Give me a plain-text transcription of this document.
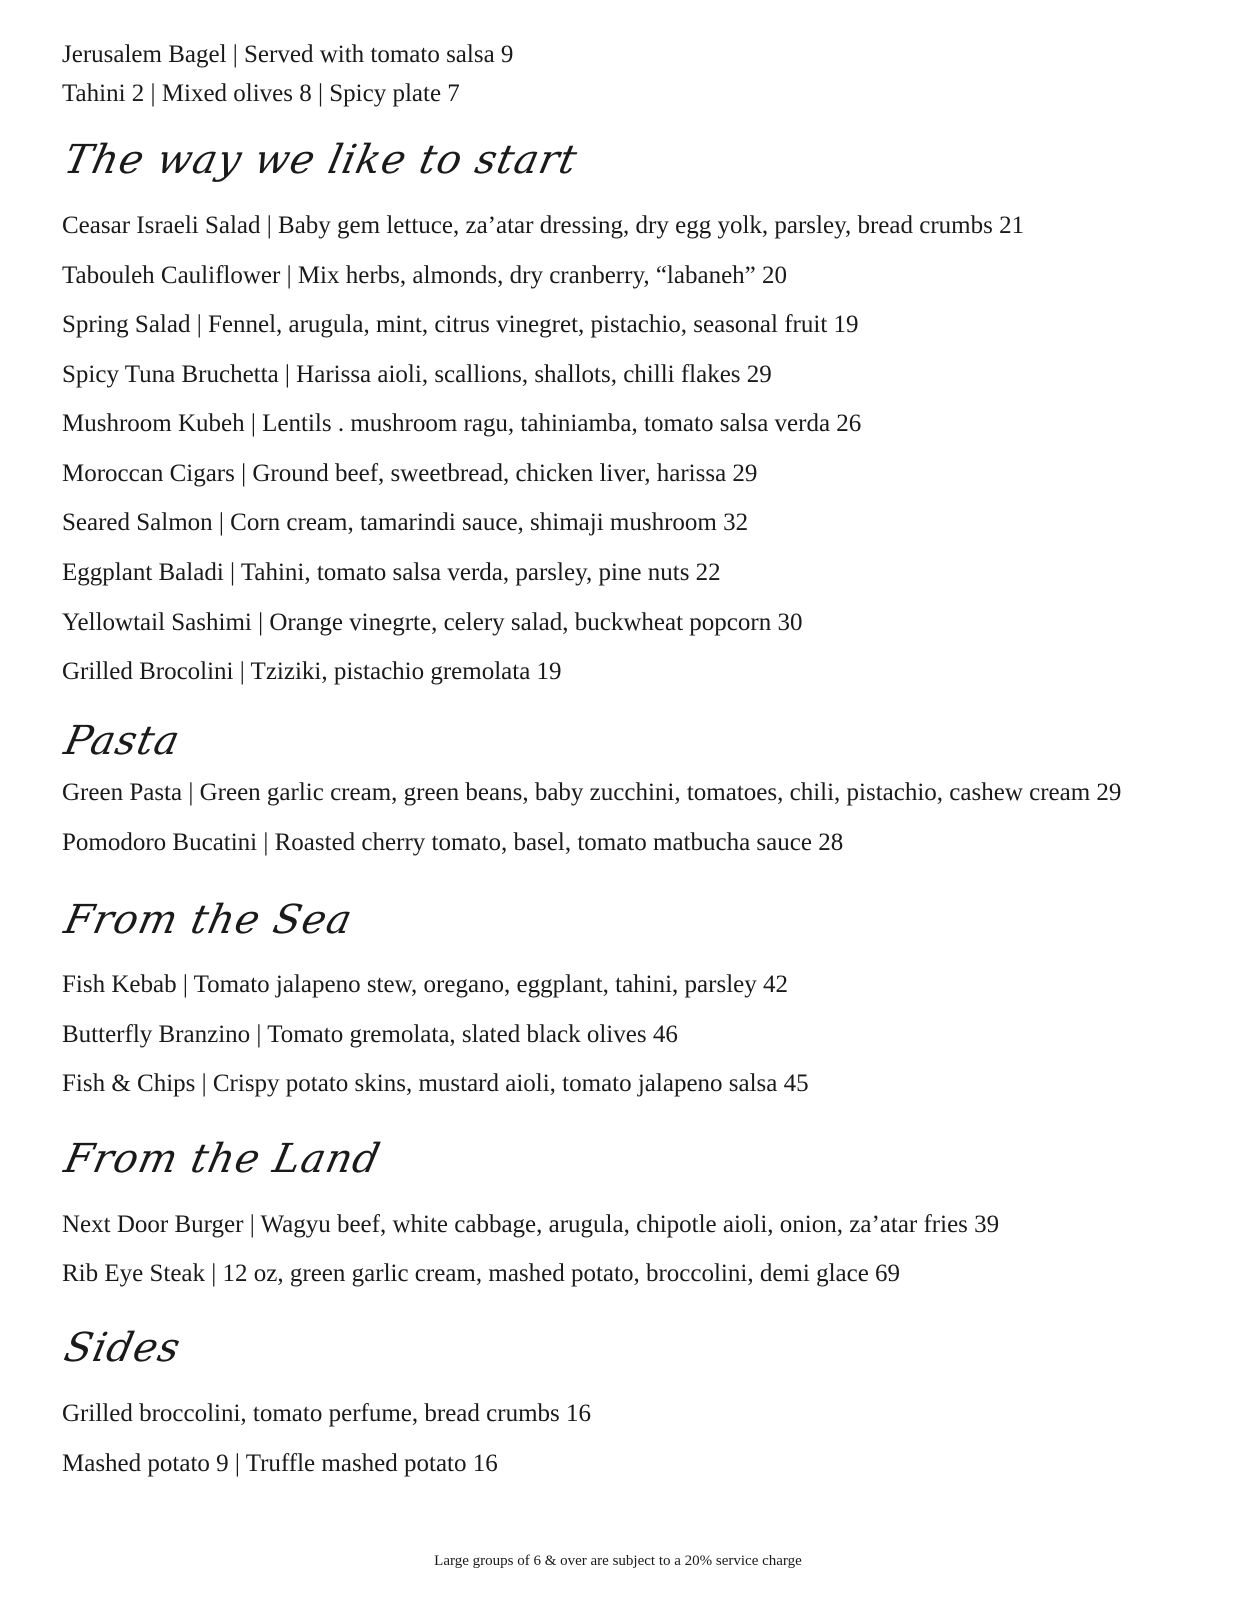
Jerusalem Bagel | Served with tomato salsa 9
Tahini 2 | Mixed olives 8 | Spicy plate 7
The way we like to start
Ceasar Israeli Salad | Baby gem lettuce, za’atar dressing, dry egg yolk, parsley, bread crumbs 21
Tabouleh Cauliflower | Mix herbs, almonds, dry cranberry, “labaneh” 20
Spring Salad | Fennel, arugula, mint, citrus vinegret, pistachio, seasonal fruit 19
Spicy Tuna Bruchetta | Harissa aioli, scallions, shallots, chilli flakes 29
Mushroom Kubeh | Lentils . mushroom ragu, tahiniamba, tomato salsa verda 26
Moroccan Cigars | Ground beef, sweetbread, chicken liver, harissa 29
Seared Salmon | Corn cream, tamarindi sauce, shimaji mushroom 32
Eggplant Baladi | Tahini, tomato salsa verda, parsley, pine nuts 22
Yellowtail Sashimi | Orange vinegrte, celery salad, buckwheat popcorn 30
Grilled Brocolini | Tziziki, pistachio gremolata 19
Pasta
Green Pasta | Green garlic cream, green beans, baby zucchini, tomatoes, chili, pistachio, cashew cream 29
Pomodoro Bucatini | Roasted cherry tomato, basel, tomato matbucha sauce 28
From the Sea
Fish Kebab | Tomato jalapeno stew, oregano, eggplant, tahini, parsley 42
Butterfly Branzino | Tomato gremolata, slated black olives 46
Fish & Chips | Crispy potato skins, mustard aioli, tomato jalapeno salsa 45
From the Land
Next Door Burger | Wagyu beef, white cabbage, arugula, chipotle aioli, onion, za’atar fries 39
Rib Eye Steak | 12 oz, green garlic cream, mashed potato, broccolini, demi glace 69
Sides
Grilled broccolini, tomato perfume, bread crumbs 16
Mashed potato 9 | Truffle mashed potato 16
Large groups of 6 & over are subject to a 20% service charge
